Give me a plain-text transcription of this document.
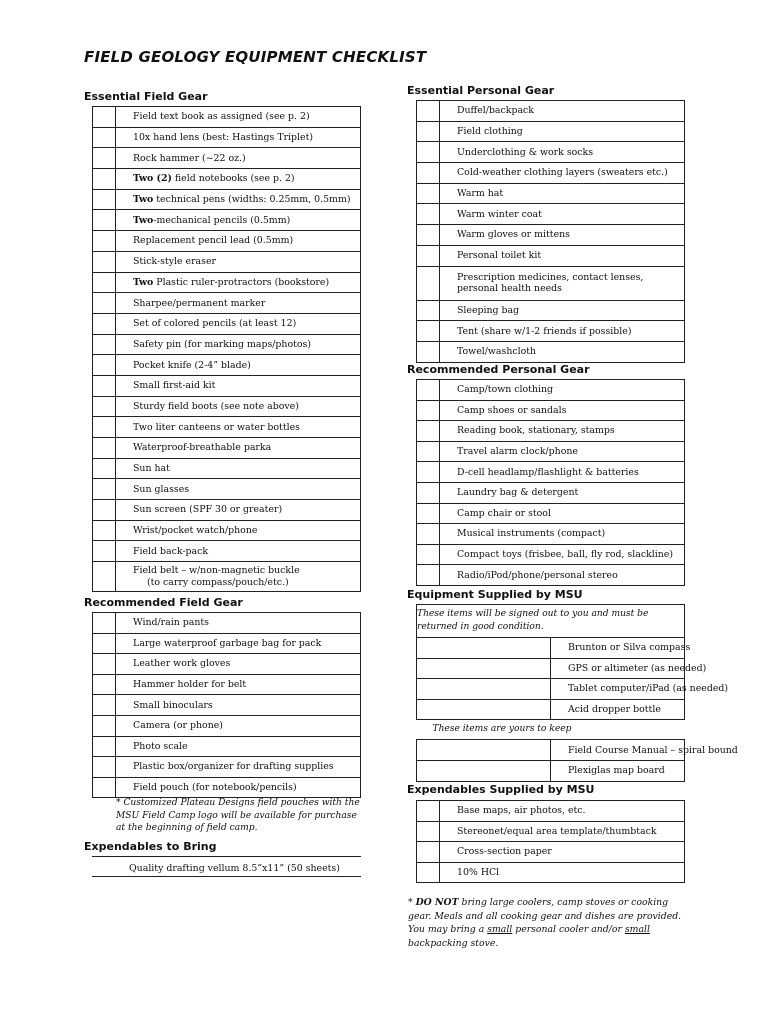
FIELD GEOLOGY EQUIPMENT CHECKLIST
Essential Field Gear
	Field text book as assigned (see p. 2)
	10x hand lens (best: Hastings Triplet)
	Rock hammer (~22 oz.)
	Two (2) field notebooks (see p. 2)
	Two technical pens (widths: 0.25mm, 0.5mm)
	Two-mechanical pencils (0.5mm)
	Replacement pencil lead (0.5mm)
	Stick-style eraser
	Two Plastic ruler-protractors (bookstore)
	Sharpee/permanent marker
	Set of colored pencils (at least 12)
	Safety pin (for marking maps/photos)
	Pocket knife (2-4” blade)
	Small first-aid kit
	Sturdy field boots (see note above)
	Two liter canteens or water bottles
	Waterproof-breathable parka
	Sun hat
	Sun glasses
	Sun screen (SPF 30 or greater)
	Wrist/pocket watch/phone
	Field back-pack

	Field belt – w/non-magnetic buckle
(to carry compass/pouch/etc.)
Recommended Field Gear
	Wind/rain pants
	Large waterproof garbage bag for pack
	Leather work gloves
	Hammer holder for belt
	Small binoculars
	Camera (or phone)
	Photo scale
	Plastic box/organizer for drafting supplies
	Field pouch (for notebook/pencils)

* Customized Plateau Designs field pouches with the MSU Field Camp logo will be available for purchase at the beginning of field camp.

Expendables to Bring
Quality drafting vellum 8.5”x11” (50 sheets)
Essential Personal Gear
	Duffel/backpack
	Field clothing
	Underclothing & work socks
	Cold-weather clothing layers (sweaters etc.)
	Warm hat
	Warm winter coat
	Warm gloves or mittens
	Personal toilet kit
	Prescription medicines, contact lenses, personal health needs
	Sleeping bag
	Tent (share w/1-2 friends if possible)
	Towel/washcloth
Recommended Personal Gear
	Camp/town clothing
	Camp shoes or sandals
	Reading book, stationary, stamps
	Travel alarm clock/phone
	D-cell headlamp/flashlight & batteries
	Laundry bag & detergent
	Camp chair or stool
	Musical instruments (compact)
	Compact toys (frisbee, ball, fly rod, slackline)
	Radio/iPod/phone/personal stereo
Equipment Supplied by MSU
These items will be signed out to you and must be returned in good condition.	
	Brunton or Silva compass
	GPS or altimeter (as needed)
	Tablet computer/iPad (as needed)
	Acid dropper bottle
These items are yours to keep	
	Field Course Manual – spiral bound
	Plexiglas map board
Expendables Supplied by MSU
	Base maps, air photos, etc.
	Stereonet/equal area template/thumbtack
	Cross-section paper
	10% HCl

* DO NOT bring large coolers, camp stoves or cooking gear. Meals and all cooking gear and dishes are provided. You may bring a small personal cooler and/or small backpacking stove.
